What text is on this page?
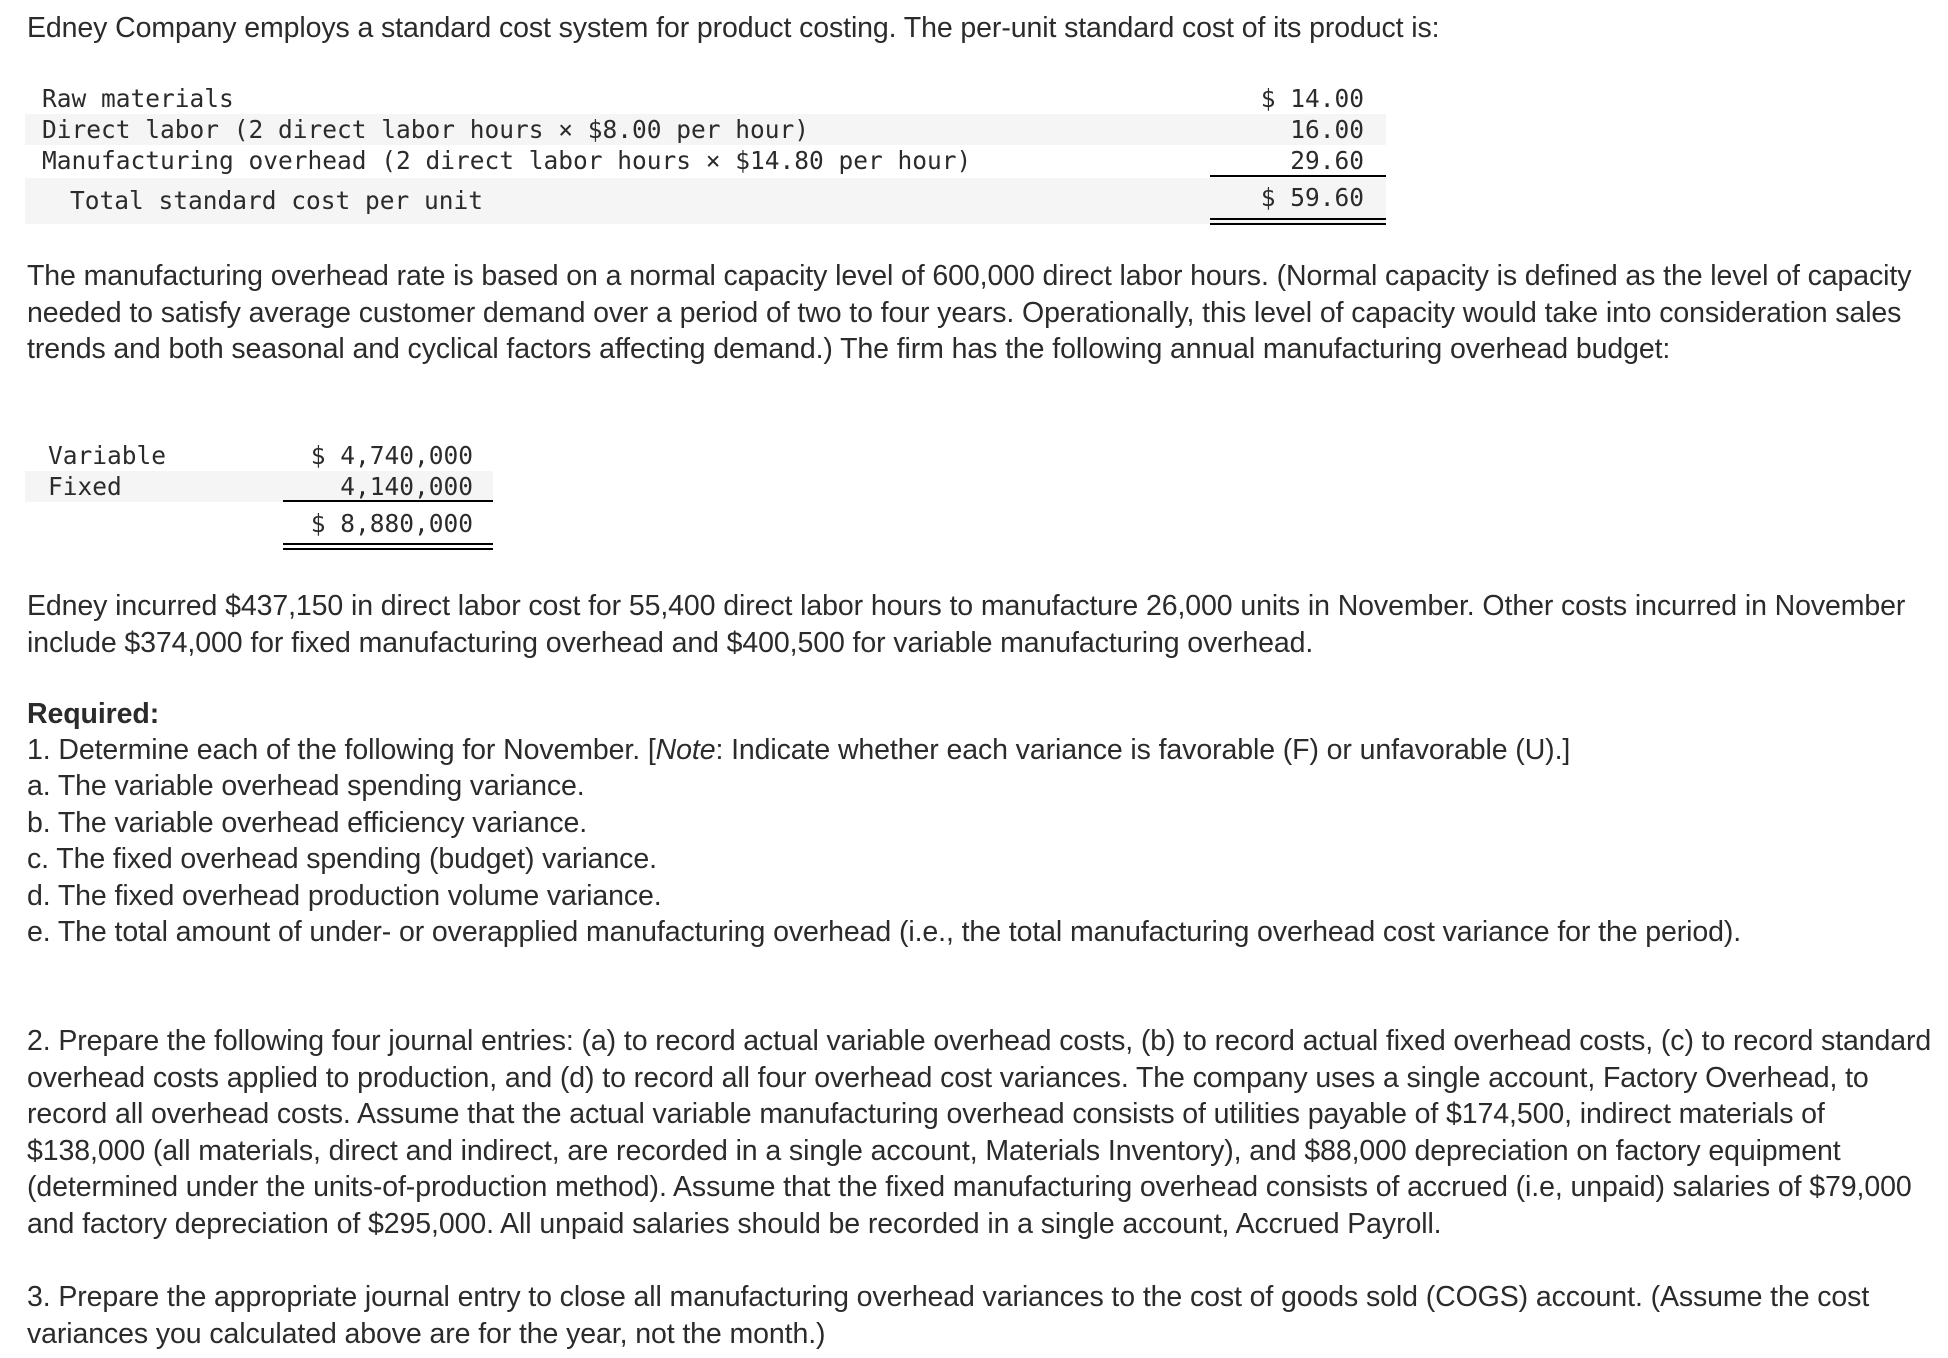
Edney Company employs a standard cost system for product costing. The per-unit standard cost of its product is:

Raw materials	$ 14.00
Direct labor (2 direct labor hours × $8.00 per hour)	16.00
Manufacturing overhead (2 direct labor hours × $14.80 per hour)	29.60
Total standard cost per unit	$ 59.60

The manufacturing overhead rate is based on a normal capacity level of 600,000 direct labor hours. (Normal capacity is defined as the level of capacity needed to satisfy average customer demand over a period of two to four years. Operationally, this level of capacity would take into consideration sales trends and both seasonal and cyclical factors affecting demand.) The firm has the following annual manufacturing overhead budget:

Variable	$ 4,740,000
Fixed	4,140,000
$ 8,880,000

Edney incurred $437,150 in direct labor cost for 55,400 direct labor hours to manufacture 26,000 units in November. Other costs incurred in November include $374,000 for fixed manufacturing overhead and $400,500 for variable manufacturing overhead.

Required:

1. Determine each of the following for November. [Note: Indicate whether each variance is favorable (F) or unfavorable (U).]

a. The variable overhead spending variance.

b. The variable overhead efficiency variance.

c. The fixed overhead spending (budget) variance.

d. The fixed overhead production volume variance.

e. The total amount of under- or overapplied manufacturing overhead (i.e., the total manufacturing overhead cost variance for the period).

2. Prepare the following four journal entries: (a) to record actual variable overhead costs, (b) to record actual fixed overhead costs, (c) to record standard overhead costs applied to production, and (d) to record all four overhead cost variances. The company uses a single account, Factory Overhead, to record all overhead costs. Assume that the actual variable manufacturing overhead consists of utilities payable of $174,500, indirect materials of $138,000 (all materials, direct and indirect, are recorded in a single account, Materials Inventory), and $88,000 depreciation on factory equipment (determined under the units-of-production method). Assume that the fixed manufacturing overhead consists of accrued (i.e, unpaid) salaries of $79,000 and factory depreciation of $295,000. All unpaid salaries should be recorded in a single account, Accrued Payroll.

3. Prepare the appropriate journal entry to close all manufacturing overhead variances to the cost of goods sold (COGS) account. (Assume the cost variances you calculated above are for the year, not the month.)
